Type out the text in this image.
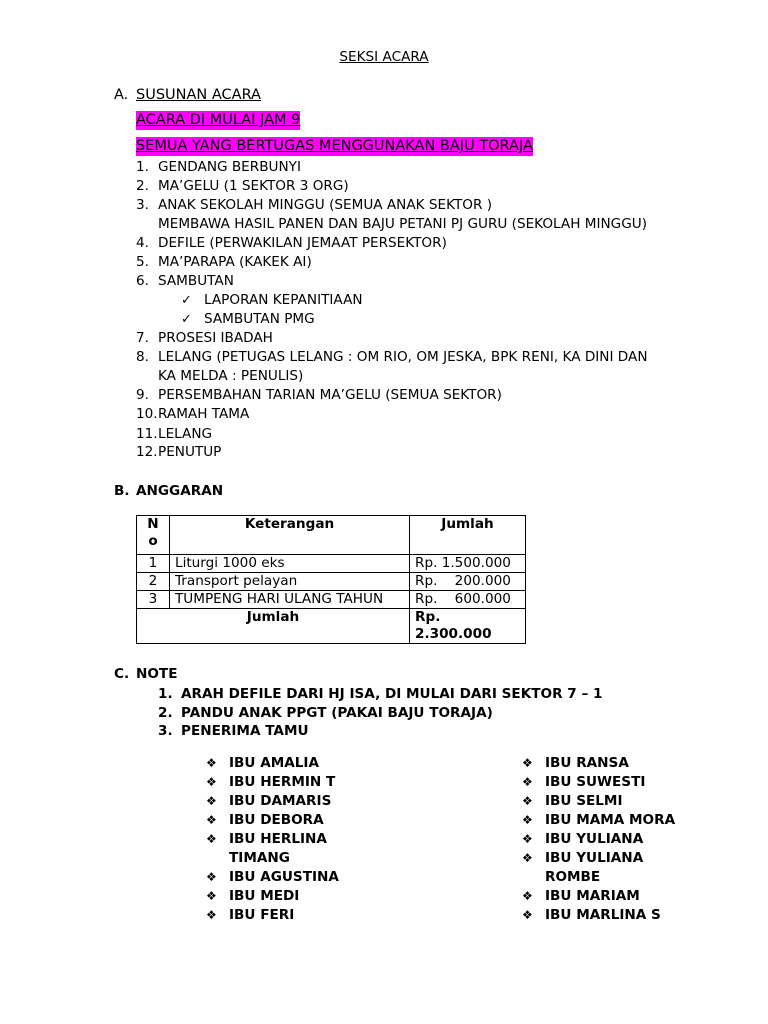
SEKSI ACARA
A. SUSUNAN ACARA
ACARA DI MULAI JAM 9
SEMUA YANG BERTUGAS MENGGUNAKAN BAJU TORAJA
1. GENDANG BERBUNYI
2. MA’GELU (1 SEKTOR 3 ORG)
3. ANAK SEKOLAH MINGGU (SEMUA ANAK SEKTOR )
MEMBAWA HASIL PANEN DAN BAJU PETANI PJ GURU (SEKOLAH MINGGU)
4. DEFILE (PERWAKILAN JEMAAT PERSEKTOR)
5. MA’PARAPA (KAKEK AI)
6. SAMBUTAN
✓ LAPORAN KEPANITIAAN
✓ SAMBUTAN PMG
7. PROSESI IBADAH
8. LELANG (PETUGAS LELANG : OM RIO, OM JESKA, BPK RENI, KA DINI DAN
KA MELDA : PENULIS)
9. PERSEMBAHAN TARIAN MA’GELU (SEMUA SEKTOR)
10. RAMAH TAMA
11. LELANG
12. PENUTUP
B. ANGGARAN
N o	Keterangan	Jumlah
1	Liturgi 1000 eks	Rp. 1.500.000
2	Transport pelayan	Rp.    200.000
3	TUMPENG HARI ULANG TAHUN	Rp.    600.000
Jumlah		Rp. 2.300.000
C. NOTE
1. ARAH DEFILE DARI HJ ISA, DI MULAI DARI SEKTOR 7 – 1
2. PANDU ANAK PPGT (PAKAI BAJU TORAJA)
3. PENERIMA TAMU
❖ IBU AMALIA
❖ IBU HERMIN T
❖ IBU DAMARIS
❖ IBU DEBORA
❖ IBU HERLINA
TIMANG
❖ IBU AGUSTINA
❖ IBU MEDI
❖ IBU FERI
❖ IBU RANSA
❖ IBU SUWESTI
❖ IBU SELMI
❖ IBU MAMA MORA
❖ IBU YULIANA
❖ IBU YULIANA
ROMBE
❖ IBU MARIAM
❖ IBU MARLINA S
